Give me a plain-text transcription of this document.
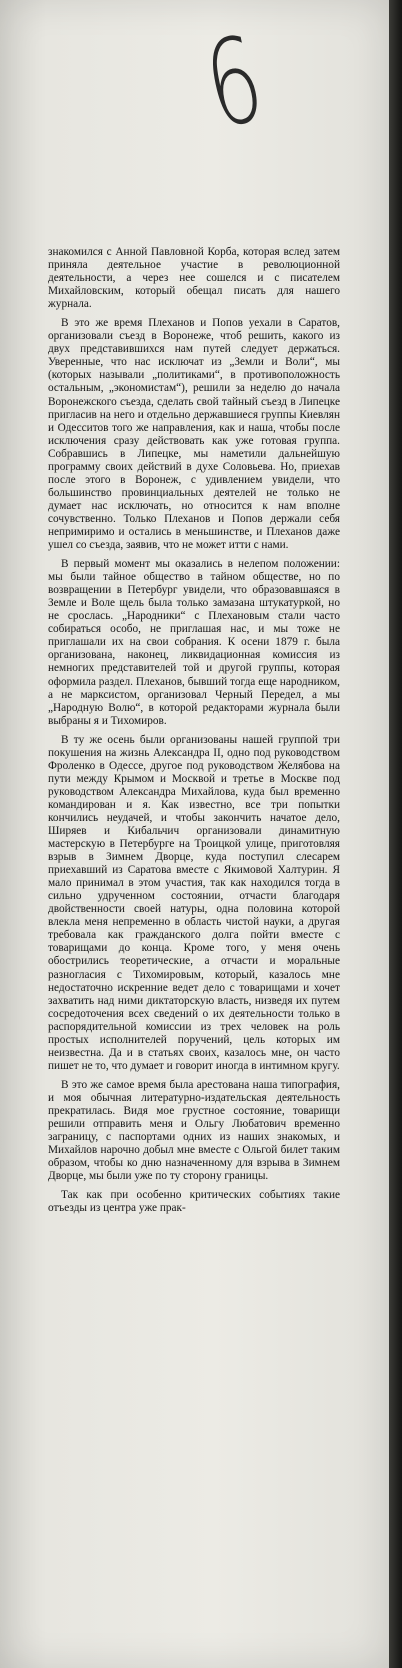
6

знакомился с Анной Павловной Корба, которая вслед затем приняла деятельное участие в революционной деятельности, а через нее сошелся и с писателем Михайловским, который обещал писать для нашего журнала.

В это же время Плеханов и Попов уехали в Саратов, организовали съезд в Воронеже, чтоб решить, какого из двух представившихся нам путей следует держаться. Уверенные, что нас исключат из „Земли и Воли“, мы (которых называли „политиками“, в противоположность остальным, „экономистам“), решили за неделю до начала Воронежского съезда, сделать свой тайный съезд в Липецке пригласив на него и отдельно державшиеся группы Киевлян и Одесситов того же направления, как и наша, чтобы после исключения сразу действовать как уже готовая группа. Собравшись в Липецке, мы наметили дальнейшую программу своих действий в духе Соловьева. Но, приехав после этого в Воронеж, с удивлением увидели, что большинство провинциальных деятелей не только не думает нас исключать, но относится к нам вполне сочувственно. Только Плеханов и Попов держали себя непримиримо и остались в меньшинстве, и Плеханов даже ушел со съезда, заявив, что не может итти с нами.

В первый момент мы оказались в нелепом положении: мы были тайное общество в тайном обществе, но по возвращении в Петербург увидели, что образовавшаяся в Земле и Воле щель была только замазана штукатуркой, но не срослась. „Народники“ с Плехановым стали часто собираться особо, не приглашая нас, и мы тоже не приглашали их на свои собрания. К осени 1879 г. была организована, наконец, ликвидационная комиссия из немногих представителей той и другой группы, которая оформила раздел. Плеханов, бывший тогда еще народником, а не марксистом, организовал Черный Передел, а мы „Народную Волю“, в которой редакторами журнала были выбраны я и Тихомиров.

В ту же осень были организованы нашей группой три покушения на жизнь Александра II, одно под руководством Фроленко в Одессе, другое под руководством Желябова на пути между Крымом и Москвой и третье в Москве под руководством Александра Михайлова, куда был временно командирован и я. Как известно, все три попытки кончились неудачей, и чтобы закончить начатое дело, Ширяев и Кибальчич организовали динамитную мастерскую в Петербурге на Троицкой улице, приготовляя взрыв в Зимнем Дворце, куда поступил слесарем приехавший из Саратова вместе с Якимовой Халтурин. Я мало принимал в этом участия, так как находился тогда в сильно удрученном состоянии, отчасти благодаря двойственности своей натуры, одна половина которой влекла меня непременно в область чистой науки, а другая требовала как гражданского долга пойти вместе с товарищами до конца. Кроме того, у меня очень обострились теоретические, а отчасти и моральные разногласия с Тихомировым, который, казалось мне недостаточно искренние ведет дело с товарищами и хочет захватить над ними диктаторскую власть, низведя их путем сосредоточения всех сведений о их деятельности только в распорядительной комиссии из трех человек на роль простых исполнителей поручений, цель которых им неизвестна. Да и в статьях своих, казалось мне, он часто пишет не то, что думает и говорит иногда в интимном кругу.

В это же самое время была арестована наша типография, и моя обычная литературно-издательская деятельность прекратилась. Видя мое грустное состояние, товарищи решили отправить меня и Ольгу Любатович временно заграницу, с паспортами одних из наших знакомых, и Михайлов нарочно добыл мне вместе с Ольгой билет таким образом, чтобы ко дню назначенному для взрыва в Зимнем Дворце, мы были уже по ту сторону границы.

Так как при особенно критических событиях такие отъезды из центра уже прак-
